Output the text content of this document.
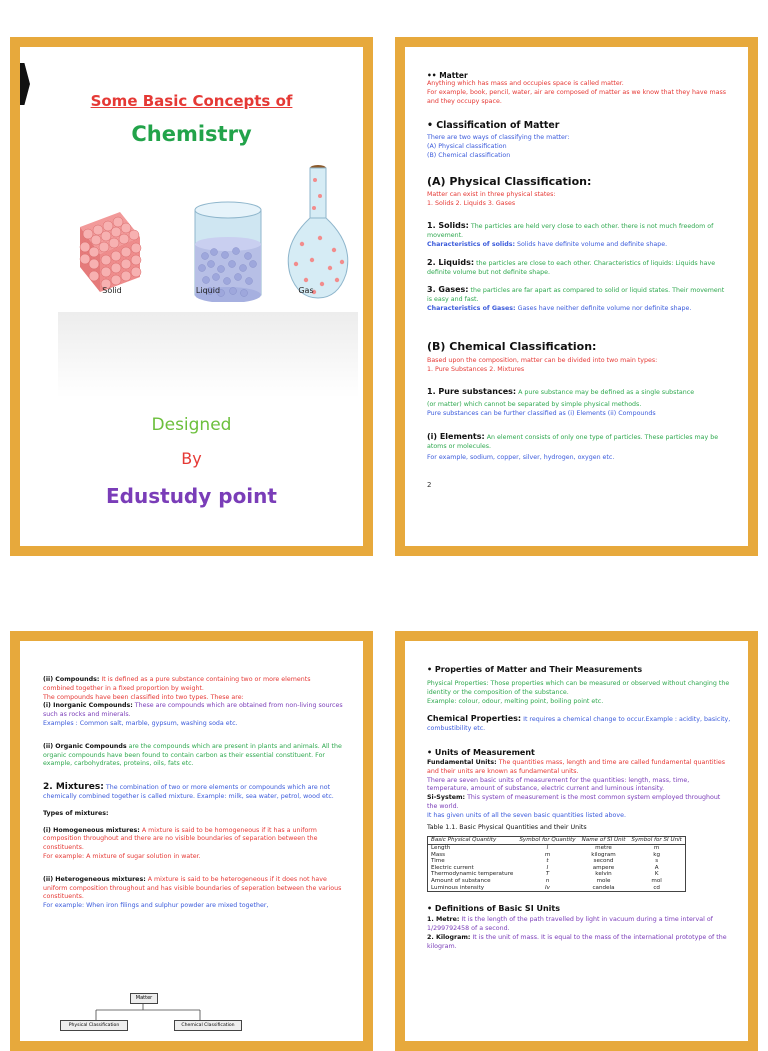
Some Basic Concepts of
Chemistry
Solid	Liquid	Gas
Designed
By
Edustudy point
•• Matter
Anything which has mass and occupies space is called matter.
For example, book, pencil, water, air are composed of matter as we know that they have mass and they occupy space.
• Classification of Matter
There are two ways of classifying the matter:
(A) Physical classification
(B) Chemical classification
(A) Physical Classification:
Matter can exist in three physical states:
1. Solids 2. Liquids 3. Gases
1. Solids: The particles are held very close to each other. there is not much freedom of movement.
Characteristics of solids: Solids have definite volume and definite shape.
2. Liquids: the particles are close to each other. Characteristics of liquids: Liquids have definite volume but not definite shape.
3. Gases: the particles are far apart as compared to solid or liquid states. Their movement is easy and fast.
Characteristics of Gases: Gases have neither definite volume nor definite shape.
(B) Chemical Classification:
Based upon the composition, matter can be divided into two main types:
1. Pure Substances 2. Mixtures
1. Pure substances: A pure substance may be defined as a single substance
(or matter) which cannot be separated by simple physical methods.
Pure substances can be further classified as (i) Elements (ii) Compounds
(i) Elements: An element consists of only one type of particles. These particles may be atoms or molecules.
For example, sodium, copper, silver, hydrogen, oxygen etc.
2
(ii) Compounds: It is defined as a pure substance containing two or more elements combined together in a fixed proportion by weight.
The compounds have been classified into two types. These are:
(i) Inorganic Compounds: These are compounds which are obtained from non-living sources such as rocks and minerals.
Examples : Common salt, marble, gypsum, washing soda etc.
(ii) Organic Compounds are the compounds which are present in plants and animals. All the organic compounds have been found to contain carbon as their essential constituent. For example, carbohydrates, proteins, oils, fats etc.
2. Mixtures: The combination of two or more elements or compounds which are not chemically combined together is called mixture. Example: milk, sea water, petrol, wood etc.
Types of mixtures:
(i) Homogeneous mixtures: A mixture is said to be homogeneous if it has a uniform composition throughout and there are no visible boundaries of separation between the constituents.
For example: A mixture of sugar solution in water.
(ii) Heterogeneous mixtures: A mixture is said to be heterogeneous if it does not have uniform composition throughout and has visible boundaries of seperation between the various constituents.
For example: When iron filings and sulphur powder are mixed together,
Matter
Physical Classification	Chemical Classification
• Properties of Matter and Their Measurements
Physical Properties: Those properties which can be measured or observed without changing the identity or the composition of the substance.
Example: colour, odour, melting point, boiling point etc.
Chemical Properties: It requires a chemical change to occur.Example : acidity, basicity, combustibility etc.
• Units of Measurement
Fundamental Units: The quantities mass, length and time are called fundamental quantities and their units are known as fundamental units.
There are seven basic units of measurement for the quantities: length, mass, time, temperature, amount of substance, electric current and luminous intensity.
Si-System: This system of measurement is the most common system employed throughout the world.
It has given units of all the seven basic quantities listed above.
Table 1.1. Basic Physical Quantities and their Units
Basic Physical Quantity	Symbol for Quantity	Name of SI Unit	Symbol for SI Unit
Length	l	metre	m
Mass	m	kilogram	kg
Time	t	second	s
Electric current	I	ampere	A
Thermodynamic temperature	T	kelvin	K
Amount of substance	n	mole	mol
Luminous intensity	Iv	candela	cd
• Definitions of Basic SI Units
1. Metre: It is the length of the path travelled by light in vacuum during a time interval of 1/299792458 of a second.
2. Kilogram: It is the unit of mass. It is equal to the mass of the international prototype of the kilogram.
